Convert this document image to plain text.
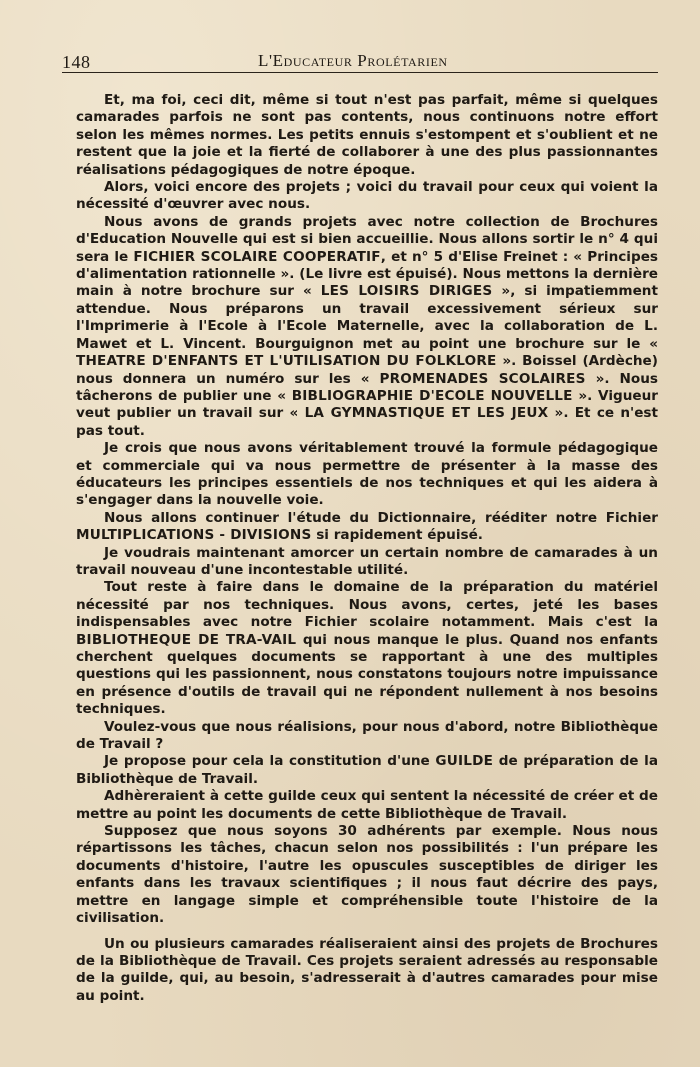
148	L'Educateur Prolétarien

Et, ma foi, ceci dit, même si tout n'est pas parfait, même si quelques camarades parfois ne sont pas contents, nous continuons notre effort selon les mêmes normes. Les petits ennuis s'estompent et s'oublient et ne restent que la joie et la fierté de collaborer à une des plus passionnantes réalisations pédagogiques de notre époque.

Alors, voici encore des projets ; voici du travail pour ceux qui voient la nécessité d'œuvrer avec nous.

Nous avons de grands projets avec notre collection de Brochures d'Education Nouvelle qui est si bien accueillie. Nous allons sortir le n° 4 qui sera le FICHIER SCOLAIRE COOPERATIF, et n° 5 d'Elise Freinet : « Principes d'alimentation rationnelle ». (Le livre est épuisé). Nous mettons la dernière main à notre brochure sur « LES LOISIRS DIRIGES », si impatiemment attendue. Nous préparons un travail excessivement sérieux sur l'Imprimerie à l'Ecole à l'Ecole Maternelle, avec la collaboration de L. Mawet et L. Vincent. Bourguignon met au point une brochure sur le « THEATRE D'ENFANTS ET L'UTILISATION DU FOLKLORE ». Boissel (Ardèche) nous donnera un numéro sur les « PROMENADES SCOLAIRES ». Nous tâcherons de publier une « BIBLIOGRAPHIE D'ECOLE NOUVELLE ». Vigueur veut publier un travail sur « LA GYMNASTIQUE ET LES JEUX ». Et ce n'est pas tout.

Je crois que nous avons véritablement trouvé la formule pédagogique et commerciale qui va nous permettre de présenter à la masse des éducateurs les principes essentiels de nos techniques et qui les aidera à s'engager dans la nouvelle voie.

Nous allons continuer l'étude du Dictionnaire, rééditer notre Fichier MULTIPLICATIONS - DIVISIONS si rapidement épuisé.

Je voudrais maintenant amorcer un certain nombre de camarades à un travail nouveau d'une incontestable utilité.

Tout reste à faire dans le domaine de la préparation du matériel nécessité par nos techniques. Nous avons, certes, jeté les bases indispensables avec notre Fichier scolaire notamment. Mais c'est la BIBLIOTHEQUE DE TRA-VAIL qui nous manque le plus. Quand nos enfants cherchent quelques documents se rapportant à une des multiples questions qui les passionnent, nous constatons toujours notre impuissance en présence d'outils de travail qui ne répondent nullement à nos besoins techniques.

Voulez-vous que nous réalisions, pour nous d'abord, notre Bibliothèque de Travail ?

Je propose pour cela la constitution d'une GUILDE de préparation de la Bibliothèque de Travail.

Adhèreraient à cette guilde ceux qui sentent la nécessité de créer et de mettre au point les documents de cette Bibliothèque de Travail.

Supposez que nous soyons 30 adhérents par exemple. Nous nous répartissons les tâches, chacun selon nos possibilités : l'un prépare les documents d'histoire, l'autre les opuscules susceptibles de diriger les enfants dans les travaux scientifiques ; il nous faut décrire des pays, mettre en langage simple et compréhensible toute l'histoire de la civilisation.

Un ou plusieurs camarades réaliseraient ainsi des projets de Brochures de la Bibliothèque de Travail. Ces projets seraient adressés au responsable de la guilde, qui, au besoin, s'adresserait à d'autres camarades pour mise au point.
